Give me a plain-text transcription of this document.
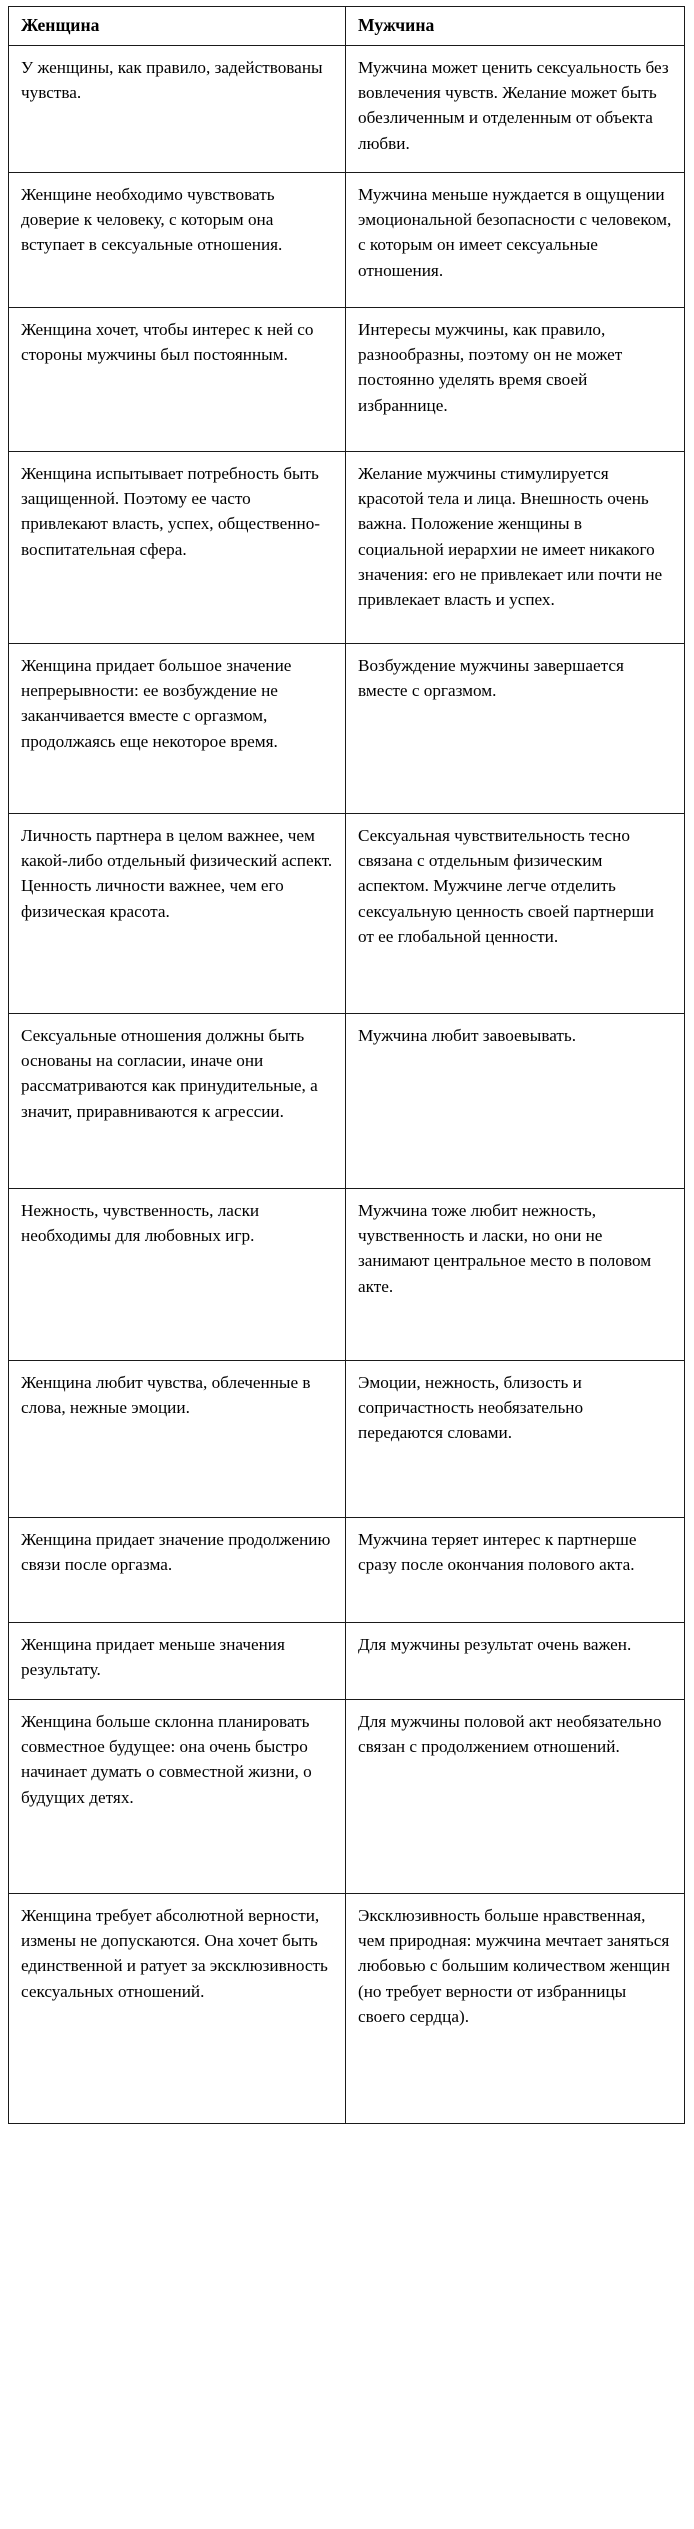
Женщина	Мужчина

У женщины, как правило, задействованы чувства.	Мужчина может ценить сексуальность без вовлечения чувств. Желание может быть обезличенным и отделенным от объекта любви.

Женщине необходимо чувствовать доверие к человеку, с которым она вступает в сексуальные отношения.	Мужчина меньше нуждается в ощущении эмоциональной безопасности с человеком, с которым он имеет сексуальные отношения.

Женщина хочет, чтобы интерес к ней со стороны мужчины был постоянным.	Интересы мужчины, как правило, разнообразны, поэтому он не может постоянно уделять время своей избраннице.

Женщина испытывает потребность быть защищенной. Поэтому ее часто привлекают власть, успех, общественно-воспитательная сфера.	Желание мужчины стимулируется красотой тела и лица. Внешность очень важна. Положение женщины в социальной иерархии не имеет никакого значения: его не привлекает или почти не привлекает власть и успех.

Женщина придает большое значение непрерывности: ее возбуждение не заканчивается вместе с оргазмом, продолжаясь еще некоторое время.	Возбуждение мужчины завершается вместе с оргазмом.

Личность партнера в целом важнее, чем какой-либо отдельный физический аспект. Ценность личности важнее, чем его физическая красота.	Сексуальная чувствительность тесно связана с отдельным физическим аспектом. Мужчине легче отделить сексуальную ценность своей партнерши от ее глобальной ценности.

Сексуальные отношения должны быть основаны на согласии, иначе они рассматриваются как принудительные, а значит, приравниваются к агрессии.	Мужчина любит завоевывать.

Нежность, чувственность, ласки необходимы для любовных игр.	Мужчина тоже любит нежность, чувственность и ласки, но они не занимают центральное место в половом акте.

Женщина любит чувства, облеченные в слова, нежные эмоции.	Эмоции, нежность, близость и сопричастность необязательно передаются словами.

Женщина придает значение продолжению связи после оргазма.	Мужчина теряет интерес к партнерше сразу после окончания полового акта.

Женщина придает меньше значения результату.	Для мужчины результат очень важен.

Женщина больше склонна планировать совместное будущее: она очень быстро начинает думать о совместной жизни, о будущих детях.	Для мужчины половой акт необязательно связан с продолжением отношений.

Женщина требует абсолютной верности, измены не допускаются. Она хочет быть единственной и ратует за эксклюзивность сексуальных отношений.	Эксклюзивность больше нравственная, чем природная: мужчина мечтает заняться любовью с большим количеством женщин (но требует верности от избранницы своего сердца).
